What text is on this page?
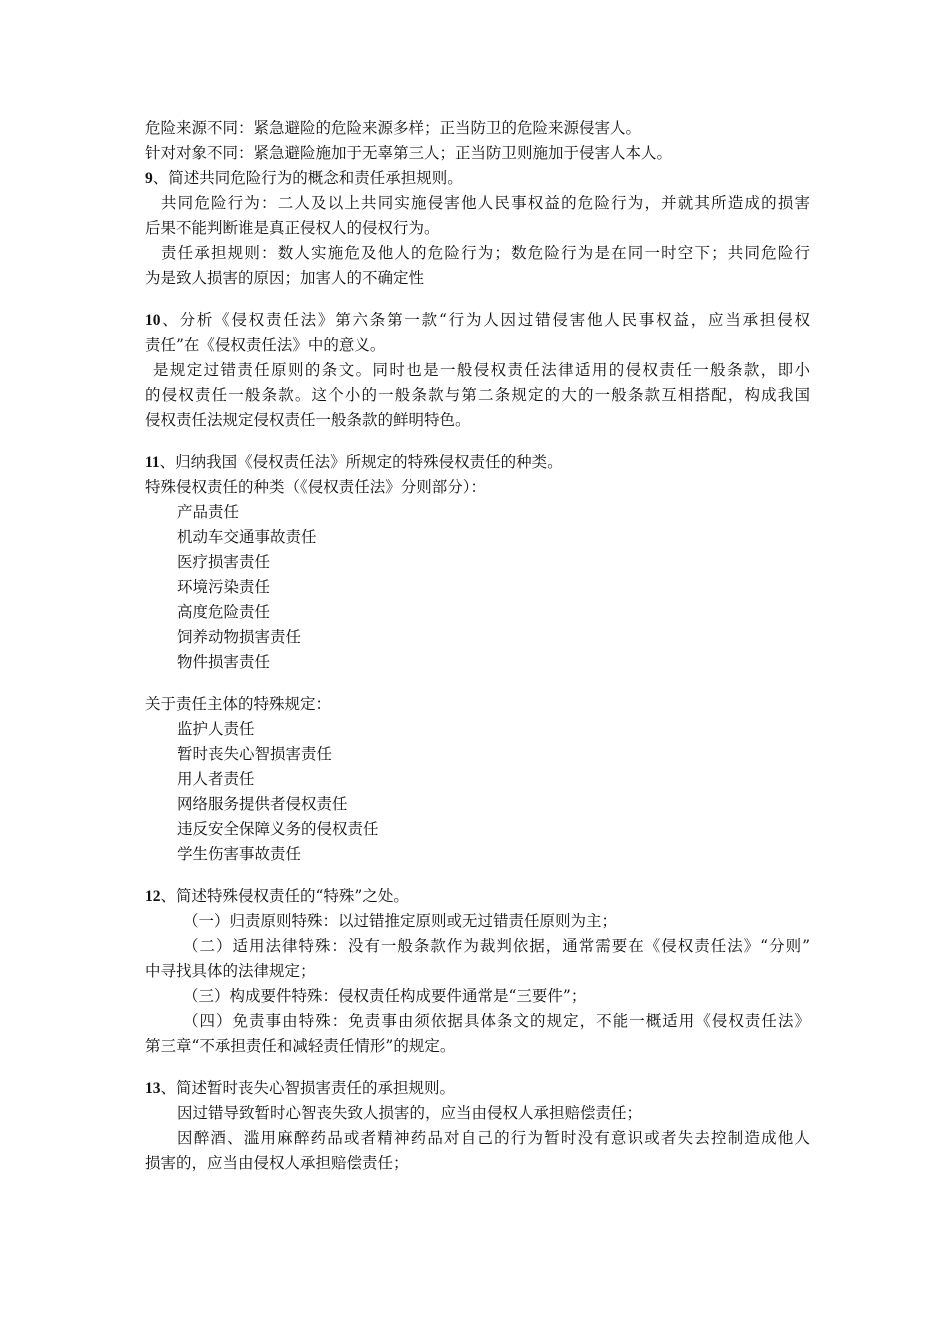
危险来源不同：紧急避险的危险来源多样；正当防卫的危险来源侵害人。
针对对象不同：紧急避险施加于无辜第三人；正当防卫则施加于侵害人本人。
9、简述共同危险行为的概念和责任承担规则。
共同危险行为：二人及以上共同实施侵害他人民事权益的危险行为，并就其所造成的损害
后果不能判断谁是真正侵权人的侵权行为。
责任承担规则：数人实施危及他人的危险行为；数危险行为是在同一时空下；共同危险行
为是致人损害的原因；加害人的不确定性
10、分析《侵权责任法》第六条第一款“行为人因过错侵害他人民事权益，应当承担侵权
责任”在《侵权责任法》中的意义。
是规定过错责任原则的条文。同时也是一般侵权责任法律适用的侵权责任一般条款，即小
的侵权责任一般条款。这个小的一般条款与第二条规定的大的一般条款互相搭配，构成我国
侵权责任法规定侵权责任一般条款的鲜明特色。
11、归纳我国《侵权责任法》所规定的特殊侵权责任的种类。
特殊侵权责任的种类（《侵权责任法》分则部分）：
产品责任
机动车交通事故责任
医疗损害责任
环境污染责任
高度危险责任
饲养动物损害责任
物件损害责任
关于责任主体的特殊规定：
监护人责任
暂时丧失心智损害责任
用人者责任
网络服务提供者侵权责任
违反安全保障义务的侵权责任
学生伤害事故责任
12、简述特殊侵权责任的“特殊”之处。
（一）归责原则特殊：以过错推定原则或无过错责任原则为主；
（二）适用法律特殊：没有一般条款作为裁判依据，通常需要在《侵权责任法》“分则”
中寻找具体的法律规定；
（三）构成要件特殊：侵权责任构成要件通常是“三要件”；
（四）免责事由特殊：免责事由须依据具体条文的规定，不能一概适用《侵权责任法》
第三章“不承担责任和减轻责任情形”的规定。
13、简述暂时丧失心智损害责任的承担规则。
因过错导致暂时心智丧失致人损害的，应当由侵权人承担赔偿责任；
因醉酒、滥用麻醉药品或者精神药品对自己的行为暂时没有意识或者失去控制造成他人
损害的，应当由侵权人承担赔偿责任；
